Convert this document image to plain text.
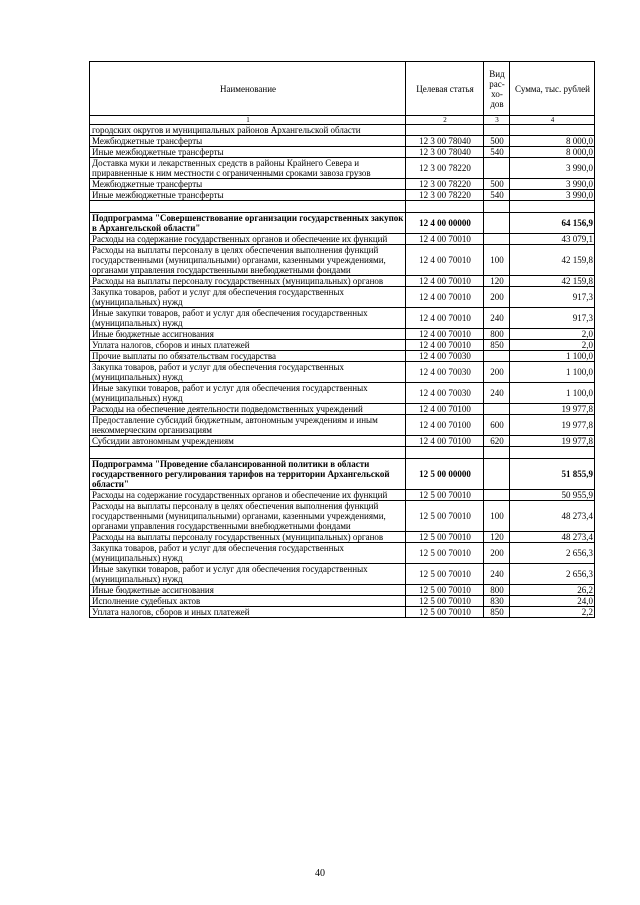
Наименование	Целевая статья	Вид рас-хо-дов	Сумма, тыс. рублей
1	2	3	4
городских округов и муниципальных районов Архангельской области			
Межбюджетные трансферты	12 3 00 78040	500	8 000,0
Иные межбюджетные трансферты	12 3 00 78040	540	8 000,0
Доставка муки и лекарственных средств в районы Крайнего Севера и приравненные к ним местности с ограниченными сроками завоза грузов	12 3 00 78220		3 990,0
Межбюджетные трансферты	12 3 00 78220	500	3 990,0
Иные межбюджетные трансферты	12 3 00 78220	540	3 990,0

Подпрограмма "Совершенствование организации государственных закупок в Архангельской области"	12 4 00 00000		64 156,9
Расходы на содержание государственных органов и обеспечение их функций	12 4 00 70010		43 079,1
Расходы на выплаты персоналу в целях обеспечения выполнения функций государственными (муниципальными) органами, казенными учреждениями, органами управления государственными внебюджетными фондами	12 4 00 70010	100	42 159,8
Расходы на выплаты персоналу государственных (муниципальных) органов	12 4 00 70010	120	42 159,8
Закупка товаров, работ и услуг для обеспечения государственных (муниципальных) нужд	12 4 00 70010	200	917,3
Иные закупки товаров, работ и услуг для обеспечения государственных (муниципальных) нужд	12 4 00 70010	240	917,3
Иные бюджетные ассигнования	12 4 00 70010	800	2,0
Уплата налогов, сборов и иных платежей	12 4 00 70010	850	2,0
Прочие выплаты по обязательствам государства	12 4 00 70030		1 100,0
Закупка товаров, работ и услуг для обеспечения государственных (муниципальных) нужд	12 4 00 70030	200	1 100,0
Иные закупки товаров, работ и услуг для обеспечения государственных (муниципальных) нужд	12 4 00 70030	240	1 100,0
Расходы на обеспечение деятельности подведомственных учреждений	12 4 00 70100		19 977,8
Предоставление субсидий бюджетным, автономным учреждениям и иным некоммерческим организациям	12 4 00 70100	600	19 977,8
Субсидии автономным учреждениям	12 4 00 70100	620	19 977,8

Подпрограмма "Проведение сбалансированной политики в области государственного регулирования тарифов на территории Архангельской области"	12 5 00 00000		51 855,9
Расходы на содержание государственных органов и обеспечение их функций	12 5 00 70010		50 955,9
Расходы на выплаты персоналу в целях обеспечения выполнения функций государственными (муниципальными) органами, казенными учреждениями, органами управления государственными внебюджетными фондами	12 5 00 70010	100	48 273,4
Расходы на выплаты персоналу государственных (муниципальных) органов	12 5 00 70010	120	48 273,4
Закупка товаров, работ и услуг для обеспечения государственных (муниципальных) нужд	12 5 00 70010	200	2 656,3
Иные закупки товаров, работ и услуг для обеспечения государственных (муниципальных) нужд	12 5 00 70010	240	2 656,3
Иные бюджетные ассигнования	12 5 00 70010	800	26,2
Исполнение судебных актов	12 5 00 70010	830	24,0
Уплата налогов, сборов и иных платежей	12 5 00 70010	850	2,2
40
